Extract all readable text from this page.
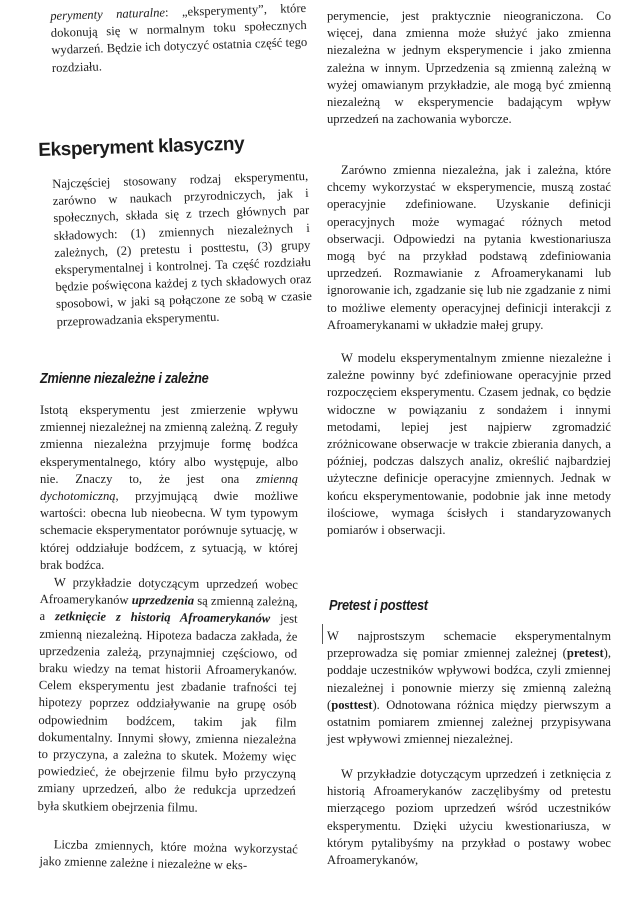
perymenty naturalne: „eksperymenty”, które dokonują się w normalnym toku społecznych wydarzeń. Będzie ich dotyczyć ostatnia część tego rozdziału.

Eksperyment klasyczny

Najczęściej stosowany rodzaj eksperymentu, zarówno w naukach przyrodniczych, jak i społecznych, składa się z trzech głównych par składowych: (1) zmiennych niezależnych i zależnych, (2) pretestu i posttestu, (3) grupy eksperymentalnej i kontrolnej. Ta część rozdziału będzie poświęcona każdej z tych składowych oraz sposobowi, w jaki są połączone ze sobą w czasie przeprowadzania eksperymentu.

Zmienne niezależne i zależne

Istotą eksperymentu jest zmierzenie wpływu zmiennej niezależnej na zmienną zależną. Z reguły zmienna niezależna przyjmuje formę bodźca eksperymentalnego, który albo występuje, albo nie. Znaczy to, że jest ona zmienną dychotomiczną, przyjmującą dwie możliwe wartości: obecna lub nieobecna. W tym typowym schemacie eksperymentator porównuje sytuację, w której oddziałuje bodźcem, z sytuacją, w której brak bodźca.

W przykładzie dotyczącym uprzedzeń wobec Afroamerykanów uprzedzenia są zmienną zależną, a zetknięcie z historią Afroamerykanów jest zmienną niezależną. Hipoteza badacza zakłada, że uprzedzenia zależą, przynajmniej częściowo, od braku wiedzy na temat historii Afroamerykanów. Celem eksperymentu jest zbadanie trafności tej hipotezy poprzez oddziaływanie na grupę osób odpowiednim bodźcem, takim jak film dokumentalny. Innymi słowy, zmienna niezależna to przyczyna, a zależna to skutek. Możemy więc powiedzieć, że obejrzenie filmu było przyczyną zmiany uprzedzeń, albo że redukcja uprzedzeń była skutkiem obejrzenia filmu.

Liczba zmiennych, które można wykorzystać jako zmienne zależne i niezależne w eks-

perymencie, jest praktycznie nieograniczona. Co więcej, dana zmienna może służyć jako zmienna niezależna w jednym eksperymencie i jako zmienna zależna w innym. Uprzedzenia są zmienną zależną w wyżej omawianym przykładzie, ale mogą być zmienną niezależną w eksperymencie badającym wpływ uprzedzeń na zachowania wyborcze.

Zarówno zmienna niezależna, jak i zależna, które chcemy wykorzystać w eksperymencie, muszą zostać operacyjnie zdefiniowane. Uzyskanie definicji operacyjnych może wymagać różnych metod obserwacji. Odpowiedzi na pytania kwestionariusza mogą być na przykład podstawą zdefiniowania uprzedzeń. Rozmawianie z Afroamerykanami lub ignorowanie ich, zgadzanie się lub nie zgadzanie z nimi to możliwe elementy operacyjnej definicji interakcji z Afroamerykanami w układzie małej grupy.

W modelu eksperymentalnym zmienne niezależne i zależne powinny być zdefiniowane operacyjnie przed rozpoczęciem eksperymentu. Czasem jednak, co będzie widoczne w powiązaniu z sondażem i innymi metodami, lepiej jest najpierw zgromadzić zróżnicowane obserwacje w trakcie zbierania danych, a później, podczas dalszych analiz, określić najbardziej użyteczne definicje operacyjne zmiennych. Jednak w końcu eksperymentowanie, podobnie jak inne metody ilościowe, wymaga ścisłych i standaryzowanych pomiarów i obserwacji.

Pretest i posttest

W najprostszym schemacie eksperymentalnym przeprowadza się pomiar zmiennej zależnej (pretest), poddaje uczestników wpływowi bodźca, czyli zmiennej niezależnej i ponownie mierzy się zmienną zależną (posttest). Odnotowana różnica między pierwszym a ostatnim pomiarem zmiennej zależnej przypisywana jest wpływowi zmiennej niezależnej.

W przykładzie dotyczącym uprzedzeń i zetknięcia z historią Afroamerykanów zaczęlibyśmy od pretestu mierzącego poziom uprzedzeń wśród uczestników eksperymentu. Dzięki użyciu kwestionariusza, w którym pytalibyśmy na przykład o postawy wobec Afroamerykanów,
